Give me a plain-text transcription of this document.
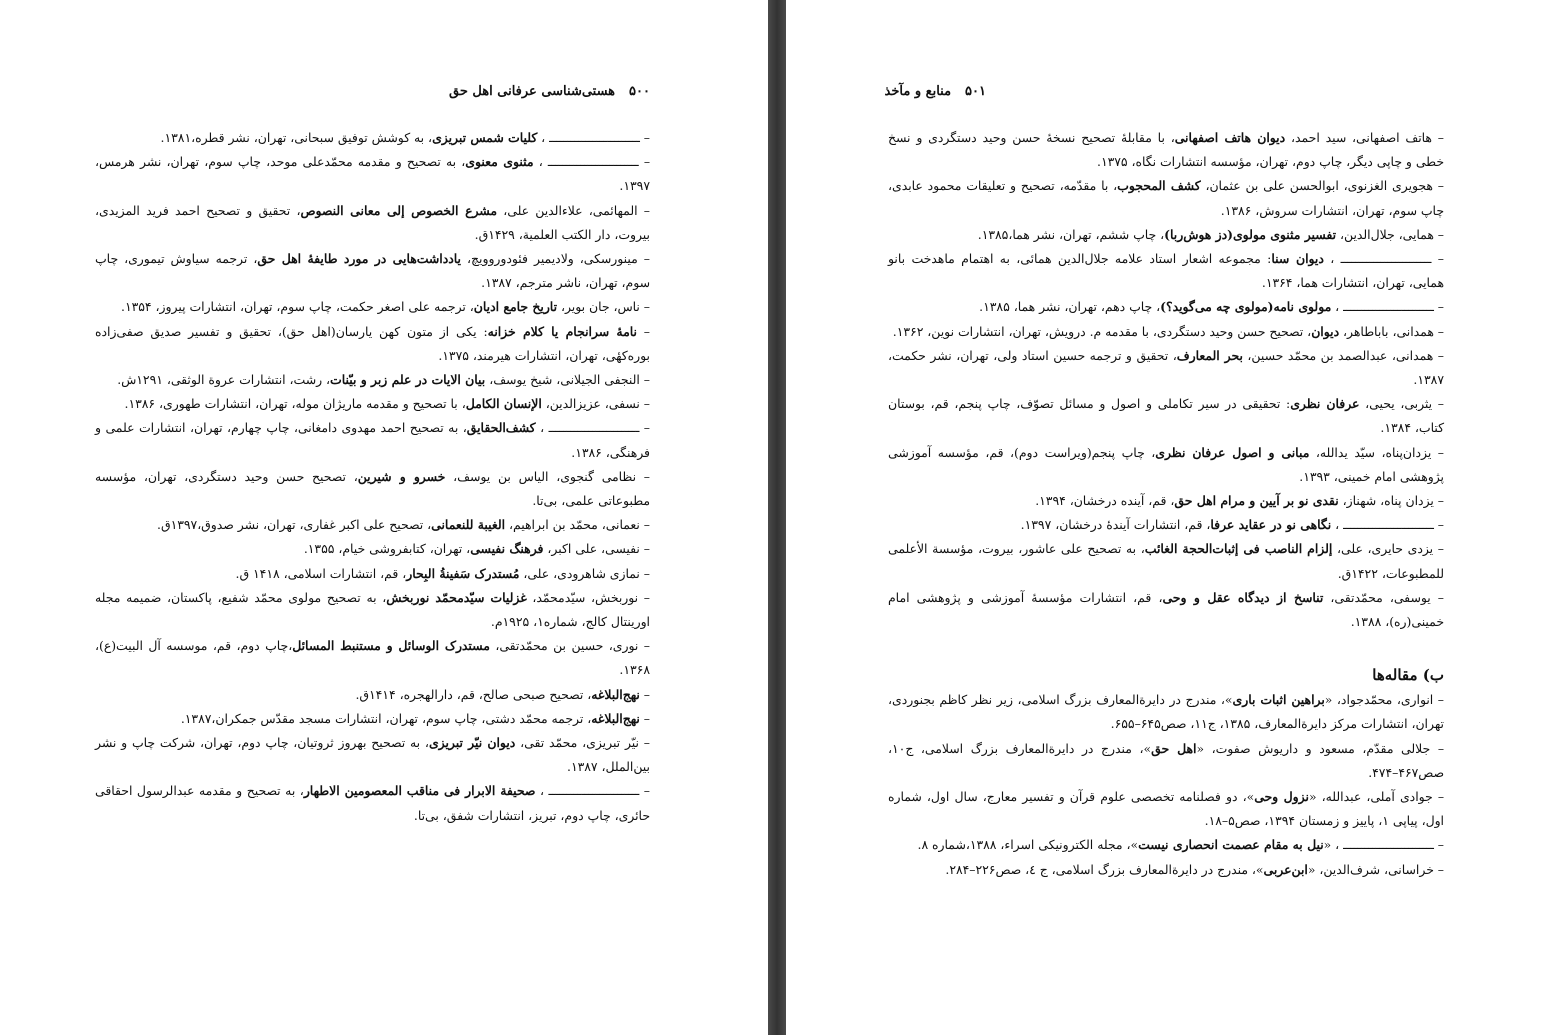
۵۰۰هستی‌شناسی عرفانی اهل حق

– ـــــــــــــــــــــــــ ، کلیات شمس تبریزی، به کوشش توفیق سبحانی، تهران، نشر قطره،۱۳۸۱.

– ـــــــــــــــــــــــــ ، مثنوی معنوی، به تصحیح و مقدمه محمّدعلی موحد، چاپ سوم، تهران، نشر هرمس، ۱۳۹۷.

– المهائمی، علاءالدین علی، مشرع الخصوص إلی معانی النصوص، تحقیق و تصحیح احمد فرید المزیدی، بیروت، دار الکتب العلمیة، ۱۴۲۹ق.

– مینورسکی، ولادیمیر فئودوروویچ، یادداشت‌هایی در مورد طایفهٔ اهل حق، ترجمه سیاوش تیموری، چاپ سوم، تهران، ناشر مترجم، ۱۳۸۷.

– ناس، جان بویر، تاریخ جامع ادیان، ترجمه علی اصغر حکمت، چاپ سوم، تهران، انتشارات پیروز، ۱۳۵۴.

– نامهٔ سرانجام یا کلام خزانه: یکی از متون کهن یارسان(اهل حق)، تحقیق و تفسیر صدیق صفی‌زاده بوره‌کهٔی، تهران، انتشارات هیرمند، ۱۳۷۵.

– النجفی الجیلانی، شیخ یوسف، بیان الایات در علم زبر و بیّنات، رشت، انتشارات عروة الوثقی، ۱۲۹۱ش.

– نسفی، عزیزالدین، الإنسان الکامل، با تصحیح و مقدمه ماریژان موله، تهران، انتشارات طهوری، ۱۳۸۶.

– ـــــــــــــــــــــــــ ، کشف‌الحقایق، به تصحیح احمد مهدوی دامغانی، چاپ چهارم، تهران، انتشارات علمی و فرهنگی، ۱۳۸۶.

– نظامی گنجوی، الیاس بن یوسف، خسرو و شیرین، تصحیح حسن وحید دستگردی، تهران، مؤسسه مطبوعاتی علمی، بی‌تا.

– نعمانی، محمّد بن ابراهیم، الغیبة للنعمانی، تصحیح علی اکبر غفاری، تهران، نشر صدوق،۱۳۹۷ق.

– نفیسی، علی اکبر، فرهنگ نفیسی، تهران، کتابفروشی خیام، ۱۳۵۵.

– نمازی شاهرودی، علی، مُستدرک سَفینةُ البِحار، قم، انتشارات اسلامی، ۱۴۱۸ ق.

– نوربخش، سیّدمحمّد، غزلیات سیّدمحمّد نوربخش، به تصحیح مولوی محمّد شفیع، پاکستان، ضمیمه مجله اورینتال کالج، شماره۱، ۱۹۲۵م.

– نوری، حسین بن محمّدتقی، مستدرک الوسائل و مستنبط المسائل،چاپ دوم، قم، موسسه آل البیت(ع)، ۱۳۶۸.

– نهج‌البلاغه، تصحیح صبحی صالح، قم، دارالهجره، ۱۴۱۴ق.

– نهج‌البلاغه، ترجمه محمّد دشتی، چاپ سوم، تهران، انتشارات مسجد مقدّس جمکران،۱۳۸۷.

– نیّر تبریزی، محمّد تقی، دیوان نیّر تبریزی، به تصحیح بهروز ثروتیان، چاپ دوم، تهران، شرکت چاپ و نشر بین‌الملل، ۱۳۸۷.

– ـــــــــــــــــــــــــ ، صحیفة الابرار فی مناقب المعصومین الاطهار، به تصحیح و مقدمه عبدالرسول احقاقی حائری، چاپ دوم، تبریز، انتشارات شفق، بی‌تا.

۵۰۱منابع و مآخذ

– هاتف اصفهانی، سید احمد، دیوان هاتف اصفهانی، با مقابلهٔ تصحیح نسخهٔ حسن وحید دستگردی و نسخ خطی و چاپی دیگر، چاپ دوم، تهران، مؤسسه انتشارات نگاه، ۱۳۷۵.

– هجویری الغزنوی، ابوالحسن علی بن عثمان، کشف المحجوب، با مقدّمه، تصحیح و تعلیقات محمود عابدی، چاپ سوم، تهران، انتشارات سروش، ۱۳۸۶.

– همایی، جلال‌الدین، تفسیر مثنوی مولوی(دز هوش‌ربا)، چاپ ششم، تهران، نشر هما،۱۳۸۵.

– ـــــــــــــــــــــــــ ، دیوان سنا: مجموعه اشعار استاد علامه جلال‌الدین همائی، به اهتمام ماهدخت بانو همایی، تهران، انتشارات هما، ۱۳۶۴.

– ـــــــــــــــــــــــــ ، مولوی نامه(مولوی چه می‌گوید؟)، چاپ دهم، تهران، نشر هما، ۱۳۸۵.

– همدانی، باباطاهر، دیوان، تصحیح حسن وحید دستگردی، با مقدمه م. درویش، تهران، انتشارات نوین، ۱۳۶۲.

– همدانی، عبدالصمد بن محمّد حسین، بحر المعارف، تحقیق و ترجمه حسین استاد ولی، تهران، نشر حکمت، ۱۳۸۷.

– یثربی، یحیی، عرفان نظری: تحقیقی در سیر تکاملی و اصول و مسائل تصوّف، چاپ پنجم، قم، بوستان کتاب، ۱۳۸۴.

– یزدان‌پناه، سیّد یدالله، مبانی و اصول عرفان نظری، چاپ پنجم(ویراست دوم)، قم، مؤسسه آموزشی پژوهشی امام خمینی، ۱۳۹۳.

– یزدان پناه، شهناز، نقدی نو بر آیین و مرام اهل حق، قم، آینده درخشان، ۱۳۹۴.

– ـــــــــــــــــــــــــ ، نگاهی نو در عقاید عرفا، قم، انتشارات آیندهٔ درخشان، ۱۳۹۷.

– یزدی حایری، علی، إلزام الناصب فی إثبات‌الحجة الغائب، به تصحیح علی عاشور، بیروت، مؤسسة الأعلمی للمطبوعات، ۱۴۲۲ق.

– یوسفی، محمّدتقی، تناسخ از دیدگاه عقل و وحی، قم، انتشارات مؤسسهٔ آموزشی و پژوهشی امام خمینی(ره)، ۱۳۸۸.

ب) مقاله‌ها

– انواری، محمّدجواد، «براهین اثبات باری»، مندرج در دایرةالمعارف بزرگ اسلامی، زیر نظر کاظم بجنوردی، تهران، انتشارات مرکز دایرةالمعارف، ۱۳۸۵، ج۱۱، صص۶۴۵–۶۵۵.

– جلالی مقدّم، مسعود و داریوش صفوت، «اهل حق»، مندرج در دایرةالمعارف بزرگ اسلامی، ج۱۰، صص۴۶۷–۴۷۴.

– جوادی آملی، عبدالله، «نزول وحی»، دو فصلنامه تخصصی علوم قرآن و تفسیر معارج، سال اول، شماره اول، پیاپی ۱، پاییز و زمستان ۱۳۹۴، صص۵–۱۸.

– ـــــــــــــــــــــــــ ، «نیل به مقام عصمت انحصاری نیست»، مجله الکترونیکی اسراء، ۱۳۸۸،شماره ۸.

– خراسانی، شرف‌الدین، «ابن‌عربی»، مندرج در دایرةالمعارف بزرگ اسلامی، ج ٤، صص۲۲۶–۲۸۴.
